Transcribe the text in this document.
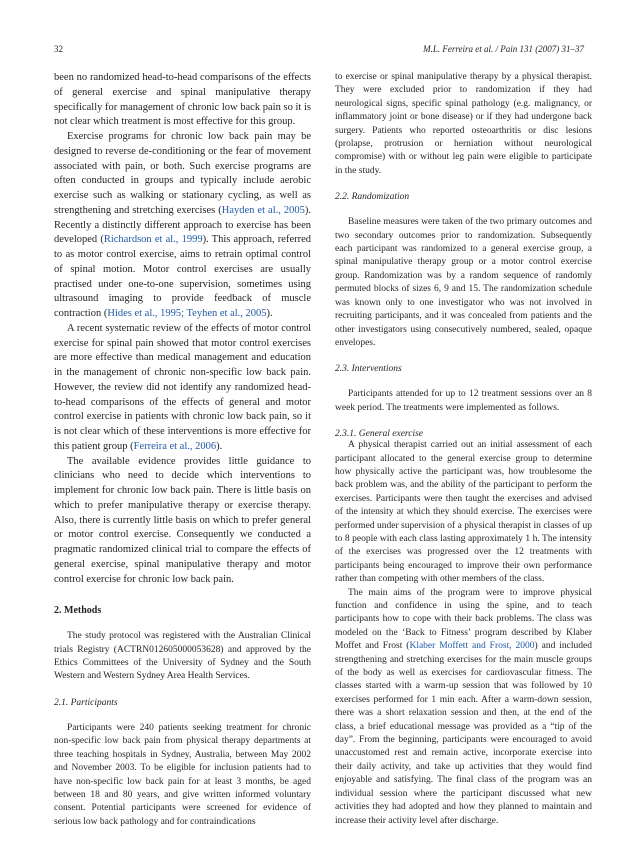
32	M.L. Ferreira et al. / Pain 131 (2007) 31–37

been no randomized head-to-head comparisons of the effects of general exercise and spinal manipulative therapy specifically for management of chronic low back pain so it is not clear which treatment is most effective for this group.

Exercise programs for chronic low back pain may be designed to reverse de-conditioning or the fear of movement associated with pain, or both. Such exercise programs are often conducted in groups and typically include aerobic exercise such as walking or stationary cycling, as well as strengthening and stretching exercises (Hayden et al., 2005). Recently a distinctly different approach to exercise has been developed (Richardson et al., 1999). This approach, referred to as motor control exercise, aims to retrain optimal control of spinal motion. Motor control exercises are usually practised under one-to-one supervision, sometimes using ultrasound imaging to provide feedback of muscle contraction (Hides et al., 1995; Teyhen et al., 2005).

A recent systematic review of the effects of motor control exercise for spinal pain showed that motor control exercises are more effective than medical management and education in the management of chronic non-specific low back pain. However, the review did not identify any randomized head-to-head comparisons of the effects of general and motor control exercise in patients with chronic low back pain, so it is not clear which of these interventions is more effective for this patient group (Ferreira et al., 2006).

The available evidence provides little guidance to clinicians who need to decide which interventions to implement for chronic low back pain. There is little basis on which to prefer manipulative therapy or exercise therapy. Also, there is currently little basis on which to prefer general or motor control exercise. Consequently we conducted a pragmatic randomized clinical trial to compare the effects of general exercise, spinal manipulative therapy and motor control exercise for chronic low back pain.

2. Methods

The study protocol was registered with the Australian Clinical trials Registry (ACTRN012605000053628) and approved by the Ethics Committees of the University of Sydney and the South Western and Western Sydney Area Health Services.

2.1. Participants

Participants were 240 patients seeking treatment for chronic non-specific low back pain from physical therapy departments at three teaching hospitals in Sydney, Australia, between May 2002 and November 2003. To be eligible for inclusion patients had to have non-specific low back pain for at least 3 months, be aged between 18 and 80 years, and give written informed voluntary consent. Potential participants were screened for evidence of serious low back pathology and for contraindications

to exercise or spinal manipulative therapy by a physical therapist. They were excluded prior to randomization if they had neurological signs, specific spinal pathology (e.g. malignancy, or inflammatory joint or bone disease) or if they had undergone back surgery. Patients who reported osteoarthritis or disc lesions (prolapse, protrusion or herniation without neurological compromise) with or without leg pain were eligible to participate in the study.

2.2. Randomization

Baseline measures were taken of the two primary outcomes and two secondary outcomes prior to randomization. Subsequently each participant was randomized to a general exercise group, a spinal manipulative therapy group or a motor control exercise group. Randomization was by a random sequence of randomly permuted blocks of sizes 6, 9 and 15. The randomization schedule was known only to one investigator who was not involved in recruiting participants, and it was concealed from patients and the other investigators using consecutively numbered, sealed, opaque envelopes.

2.3. Interventions

Participants attended for up to 12 treatment sessions over an 8 week period. The treatments were implemented as follows.

2.3.1. General exercise

A physical therapist carried out an initial assessment of each participant allocated to the general exercise group to determine how physically active the participant was, how troublesome the back problem was, and the ability of the participant to perform the exercises. Participants were then taught the exercises and advised of the intensity at which they should exercise. The exercises were performed under supervision of a physical therapist in classes of up to 8 people with each class lasting approximately 1 h. The intensity of the exercises was progressed over the 12 treatments with participants being encouraged to improve their own performance rather than competing with other members of the class.

The main aims of the program were to improve physical function and confidence in using the spine, and to teach participants how to cope with their back problems. The class was modeled on the ‘Back to Fitness’ program described by Klaber Moffet and Frost (Klaber Moffett and Frost, 2000) and included strengthening and stretching exercises for the main muscle groups of the body as well as exercises for cardiovascular fitness. The classes started with a warm-up session that was followed by 10 exercises performed for 1 min each. After a warm-down session, there was a short relaxation session and then, at the end of the class, a brief educational message was provided as a “tip of the day”. From the beginning, participants were encouraged to avoid unaccustomed rest and remain active, incorporate exercise into their daily activity, and take up activities that they would find enjoyable and satisfying. The final class of the program was an individual session where the participant discussed what new activities they had adopted and how they planned to maintain and increase their activity level after discharge.
